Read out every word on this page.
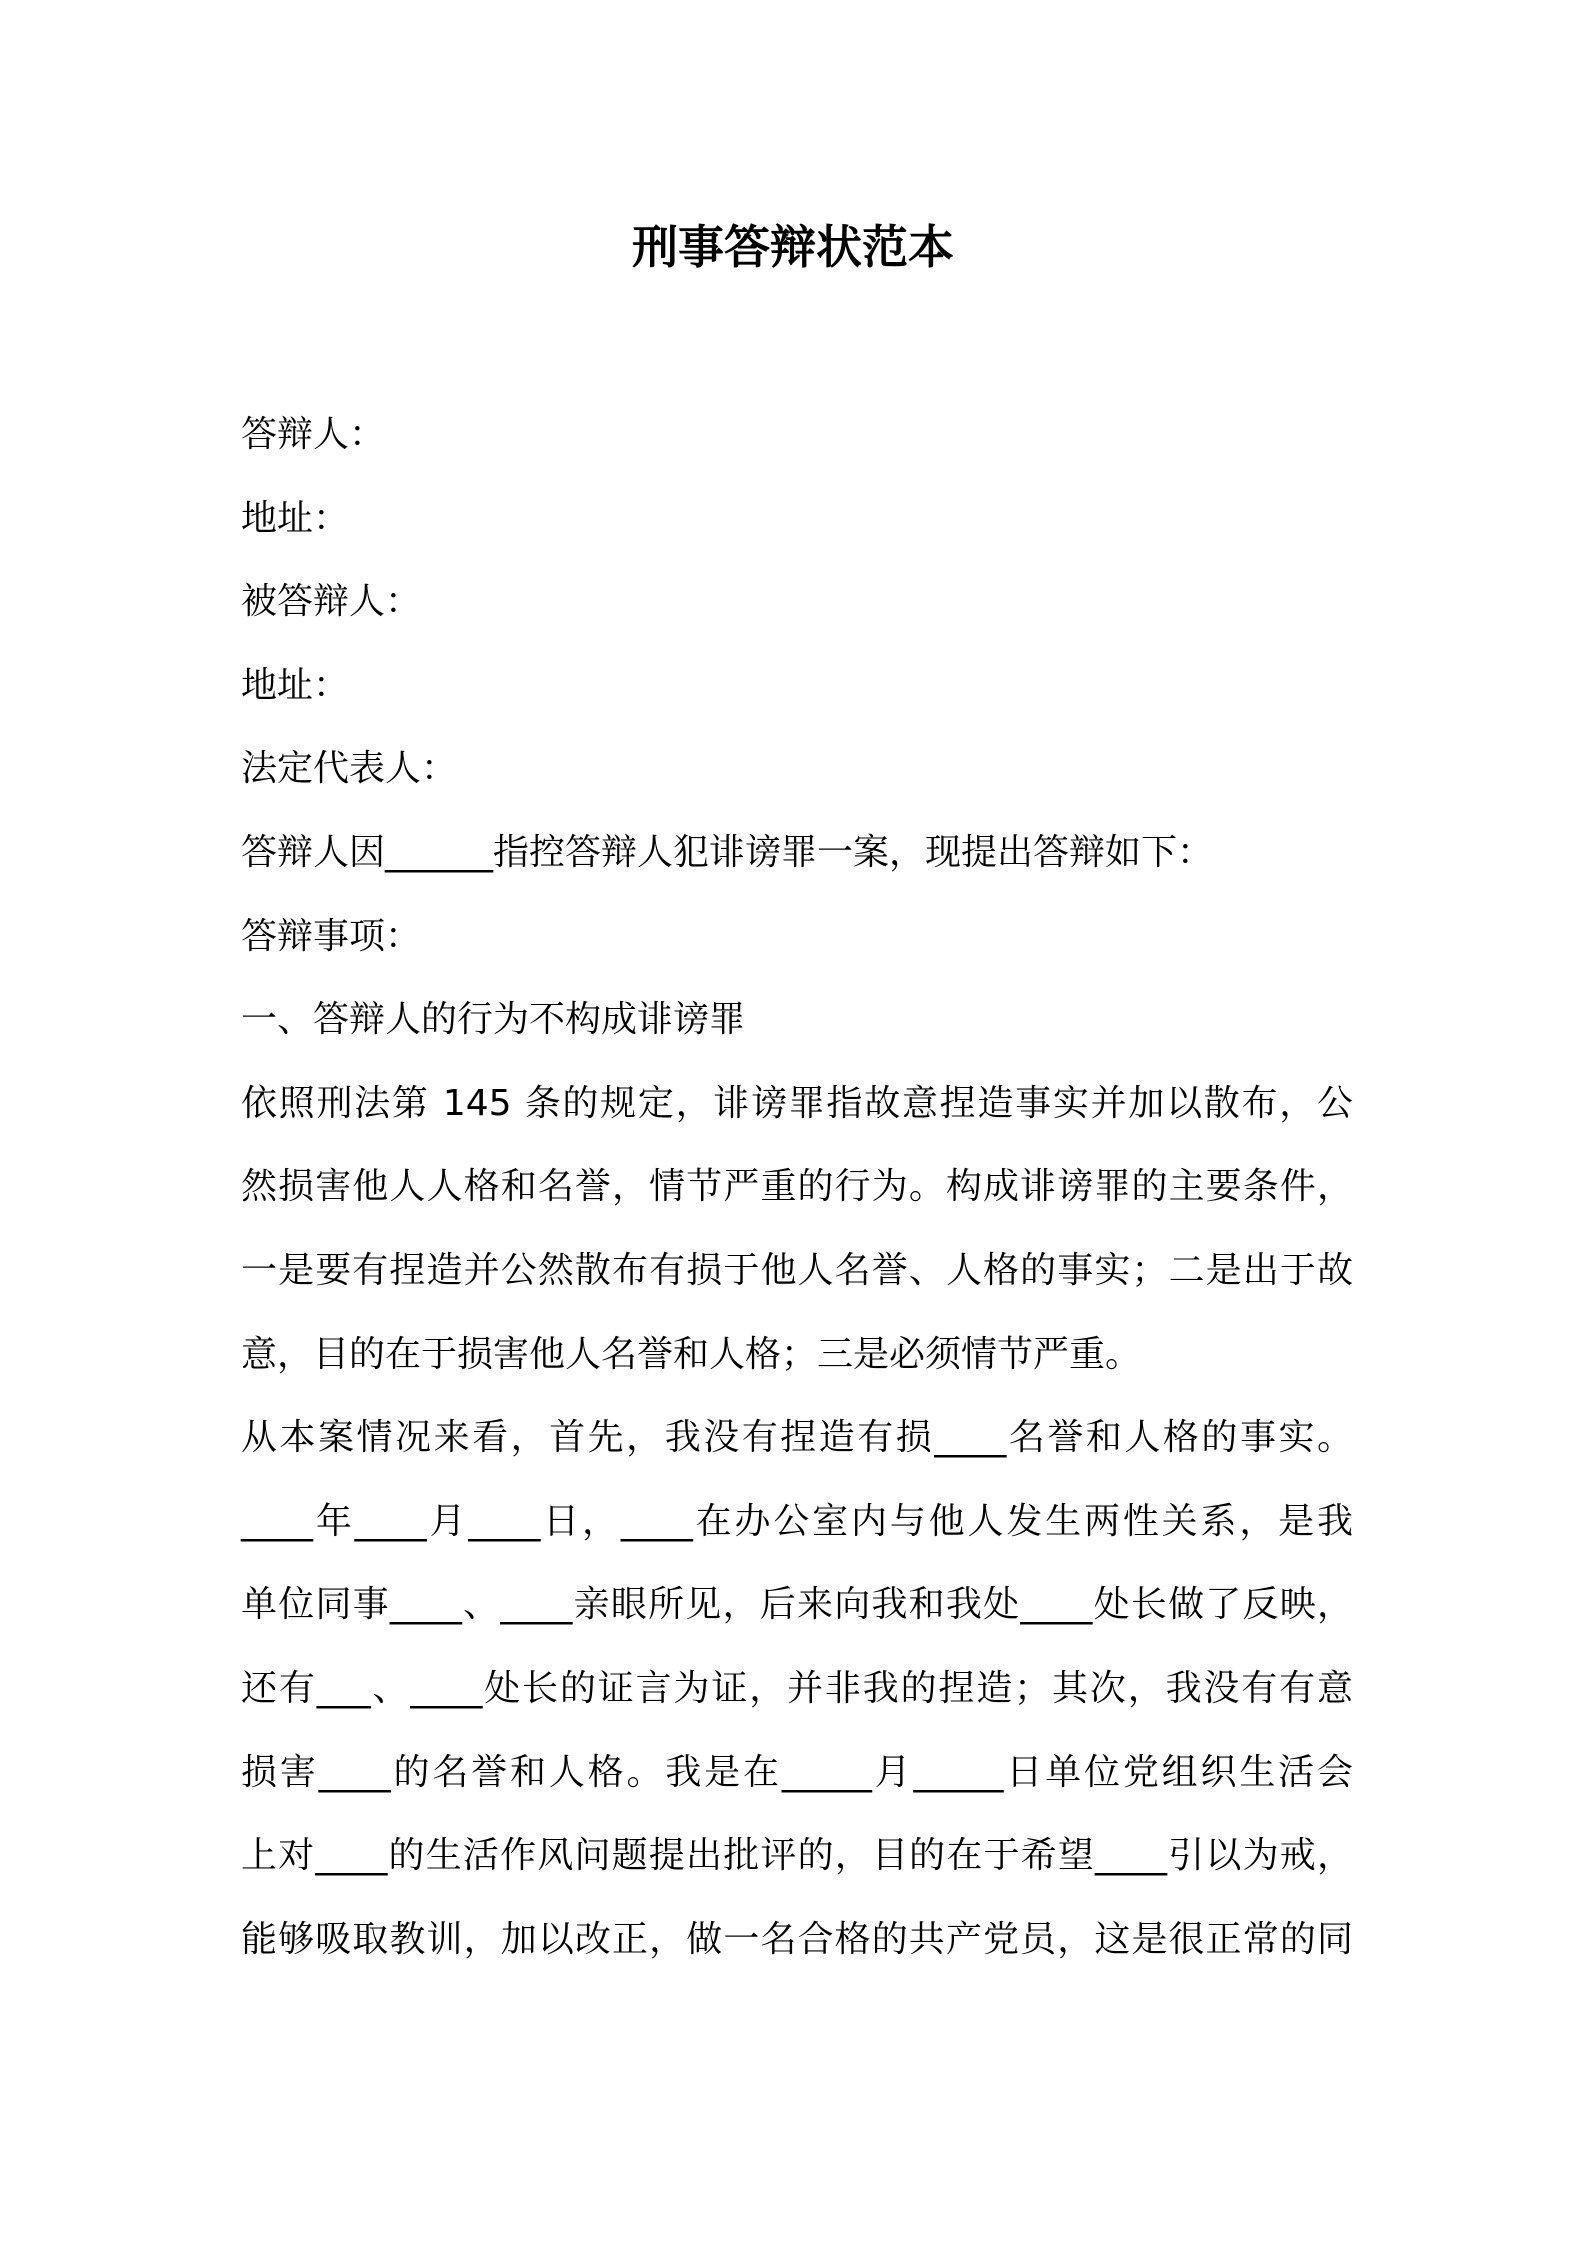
刑事答辩状范本
答辩人：
地址：
被答辩人：
地址：
法定代表人：
答辩人因______指控答辩人犯诽谤罪一案，现提出答辩如下：
答辩事项：
一、答辩人的行为不构成诽谤罪
依照刑法第 145 条的规定，诽谤罪指故意捏造事实并加以散布，公
然损害他人人格和名誉，情节严重的行为。构成诽谤罪的主要条件，
一是要有捏造并公然散布有损于他人名誉、人格的事实；二是出于故
意，目的在于损害他人名誉和人格；三是必须情节严重。
从本案情况来看，首先，我没有捏造有损____名誉和人格的事实。
____年____月____日，____在办公室内与他人发生两性关系，是我
单位同事____、____亲眼所见，后来向我和我处____处长做了反映，
还有___、____处长的证言为证，并非我的捏造；其次，我没有有意
损害____的名誉和人格。我是在_____月_____日单位党组织生活会
上对____的生活作风问题提出批评的，目的在于希望____引以为戒，
能够吸取教训，加以改正，做一名合格的共产党员，这是很正常的同
